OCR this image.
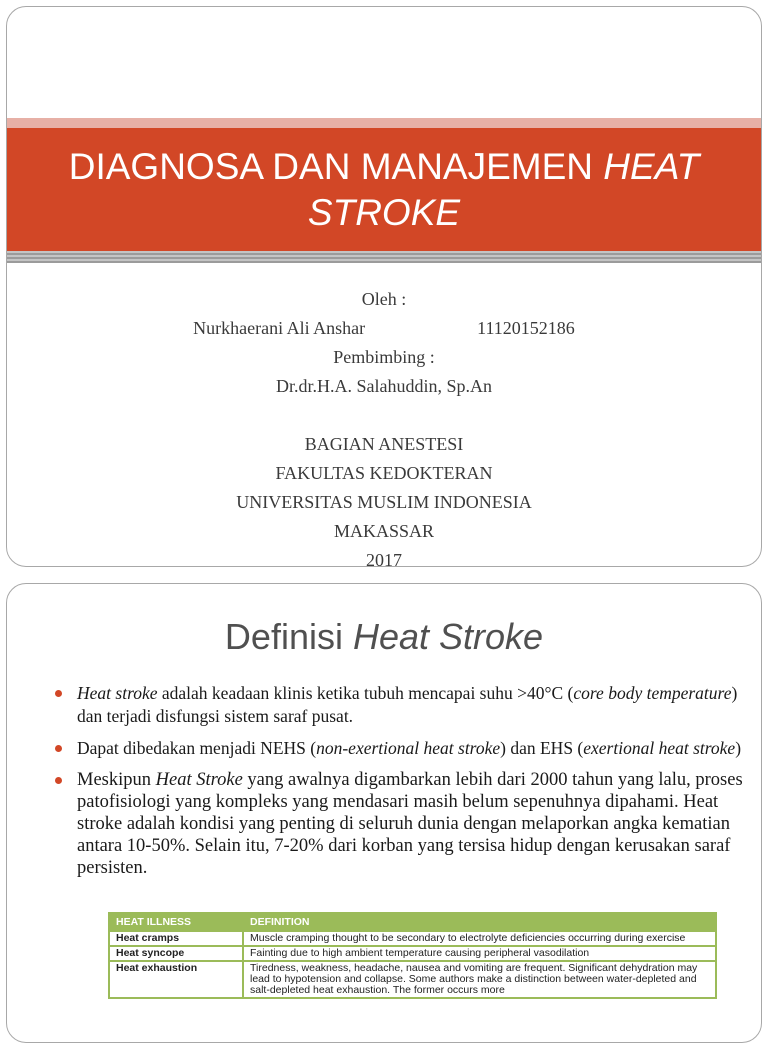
DIAGNOSA DAN MANAJEMEN HEAT
STROKE
Oleh :
Nurkhaerani Ali Anshar	11120152186
Pembimbing :
Dr.dr.H.A. Salahuddin, Sp.An
BAGIAN ANESTESI
FAKULTAS KEDOKTERAN
UNIVERSITAS MUSLIM INDONESIA
MAKASSAR
2017
Definisi Heat Stroke
Heat stroke adalah keadaan klinis ketika tubuh mencapai suhu >40°C (core body temperature) dan terjadi disfungsi sistem saraf pusat.
Dapat dibedakan menjadi NEHS (non-exertional heat stroke) dan EHS (exertional heat stroke)
Meskipun Heat Stroke yang awalnya digambarkan lebih dari 2000 tahun yang lalu, proses patofisiologi yang kompleks yang mendasari masih belum sepenuhnya dipahami. Heat stroke adalah kondisi yang penting di seluruh dunia dengan melaporkan angka kematian antara 10-50%. Selain itu, 7-20% dari korban yang tersisa hidup dengan kerusakan saraf persisten.
HEAT ILLNESS	DEFINITION
Heat cramps	Muscle cramping thought to be secondary to electrolyte deficiencies occurring during exercise
Heat syncope	Fainting due to high ambient temperature causing peripheral vasodilation
Heat exhaustion	Tiredness, weakness, headache, nausea and vomiting are frequent. Significant dehydration may lead to hypotension and collapse. Some authors make a distinction between water-depleted and salt-depleted heat exhaustion. The former occurs more
